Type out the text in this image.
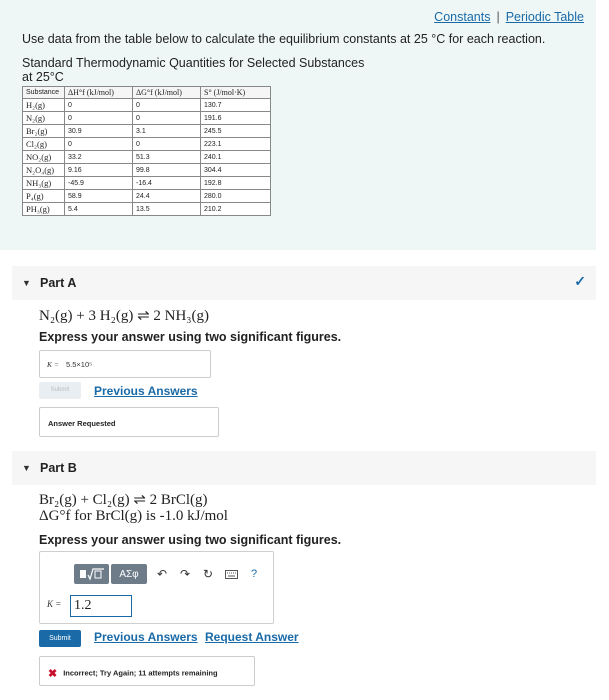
Constants | Periodic Table
Use data from the table below to calculate the equilibrium constants at 25 °C for each reaction.
Standard Thermodynamic Quantities for Selected Substances
at 25°C
Substance	ΔH°f (kJ/mol)	ΔG°f (kJ/mol)	S° (J/mol·K)
H₂(g)	0	0	130.7
N₂(g)	0	0	191.6
Br₂(g)	30.9	3.1	245.5
Cl₂(g)	0	0	223.1
NO₂(g)	33.2	51.3	240.1
N₂O₄(g)	9.16	99.8	304.4
NH₃(g)	-45.9	-16.4	192.8
P₄(g)	58.9	24.4	280.0
PH₃(g)	5.4	13.5	210.2
▼ Part A	✓
N₂(g) + 3 H₂(g) ⇌ 2 NH₃(g)
Express your answer using two significant figures.
K = 5.5×10⁵
Submit	Previous Answers
Answer Requested
▼ Part B
Br₂(g) + Cl₂(g) ⇌ 2 BrCl(g)
ΔG°f for BrCl(g) is -1.0 kJ/mol
Express your answer using two significant figures.
AΣφ	↶	↷	↻	?
K =
1.2
Submit	Previous Answers Request Answer
✖ Incorrect; Try Again; 11 attempts remaining
